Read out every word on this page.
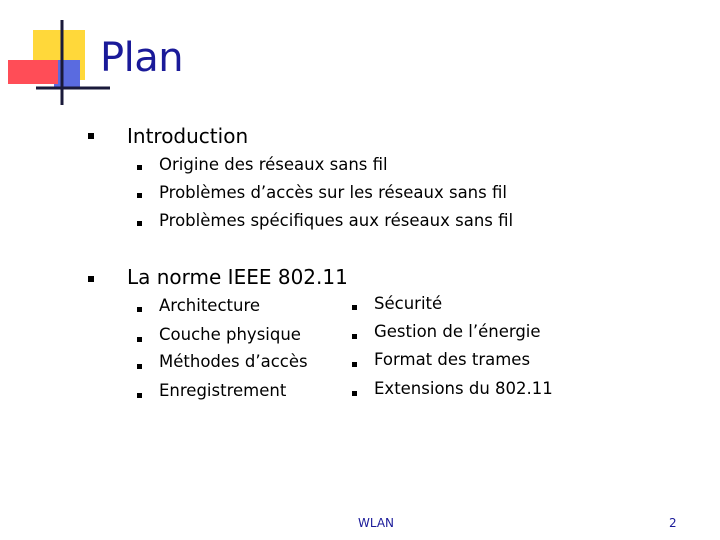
Plan
Introduction
Origine des réseaux sans fil
Problèmes d’accès sur les réseaux sans fil
Problèmes spécifiques aux réseaux sans fil
La norme IEEE 802.11
Architecture
Couche physique
Méthodes d’accès
Enregistrement
Sécurité
Gestion de l’énergie
Format des trames
Extensions du 802.11
WLAN	2
